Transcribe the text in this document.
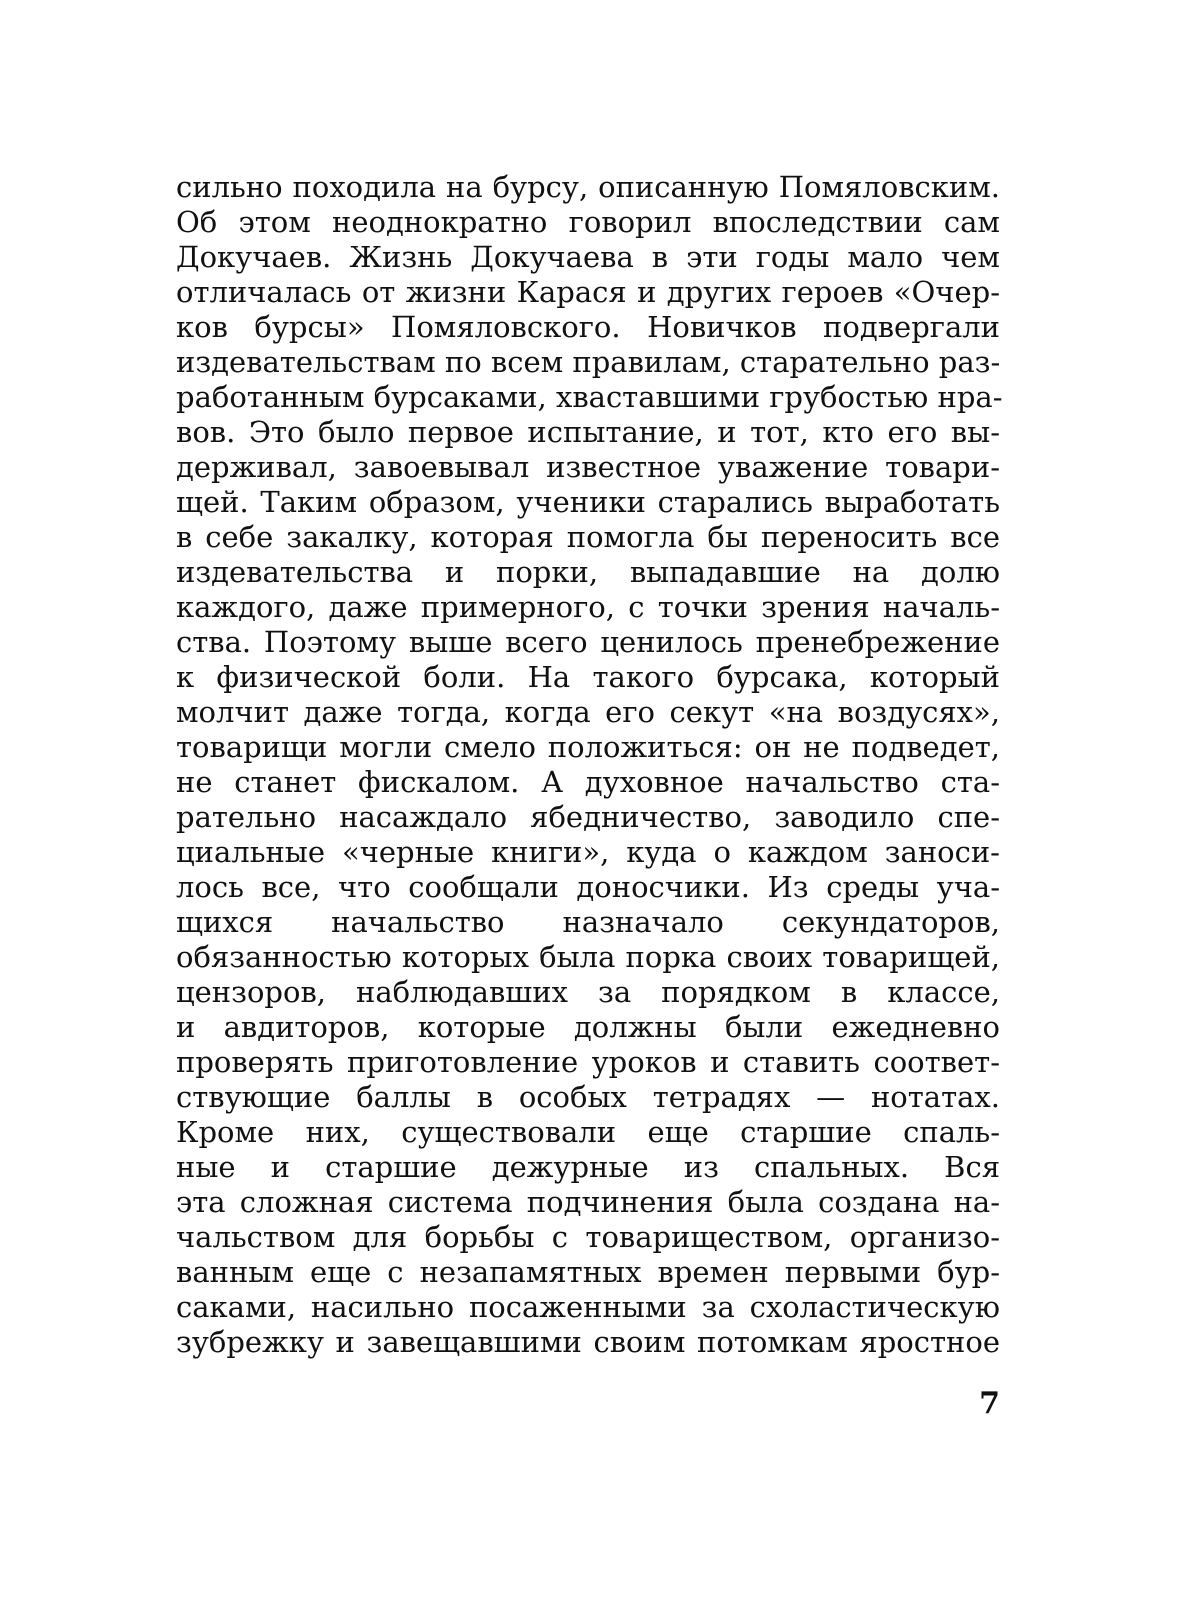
сильно походила на бурсу, описанную Помяловским.
Об этом неоднократно говорил впоследствии сам
Докучаев. Жизнь Докучаева в эти годы мало чем
отличалась от жизни Карася и других героев «Очер-
ков бурсы» Помяловского. Новичков подвергали
издевательствам по всем правилам, старательно раз-
работанным бурсаками, хваставшими грубостью нра-
вов. Это было первое испытание, и тот, кто его вы-
держивал, завоевывал известное уважение товари-
щей. Таким образом, ученики старались выработать
в себе закалку, которая помогла бы переносить все
издевательства и порки, выпадавшие на долю
каждого, даже примерного, с точки зрения началь-
ства. Поэтому выше всего ценилось пренебрежение
к физической боли. На такого бурсака, который
молчит даже тогда, когда его секут «на воздусях»,
товарищи могли смело положиться: он не подведет,
не станет фискалом. А духовное начальство ста-
рательно насаждало ябедничество, заводило спе-
циальные «черные книги», куда о каждом заноси-
лось все, что сообщали доносчики. Из среды уча-
щихся начальство назначало секундаторов,
обязанностью которых была порка своих товарищей,
цензоров, наблюдавших за порядком в классе,
и авдиторов, которые должны были ежедневно
проверять приготовление уроков и ставить соответ-
ствующие баллы в особых тетрадях — нотатах.
Кроме них, существовали еще старшие спаль-
ные и старшие дежурные из спальных. Вся
эта сложная система подчинения была создана на-
чальством для борьбы с товариществом, организо-
ванным еще с незапамятных времен первыми бур-
саками, насильно посаженными за схоластическую
зубрежку и завещавшими своим потомкам яростное
7
